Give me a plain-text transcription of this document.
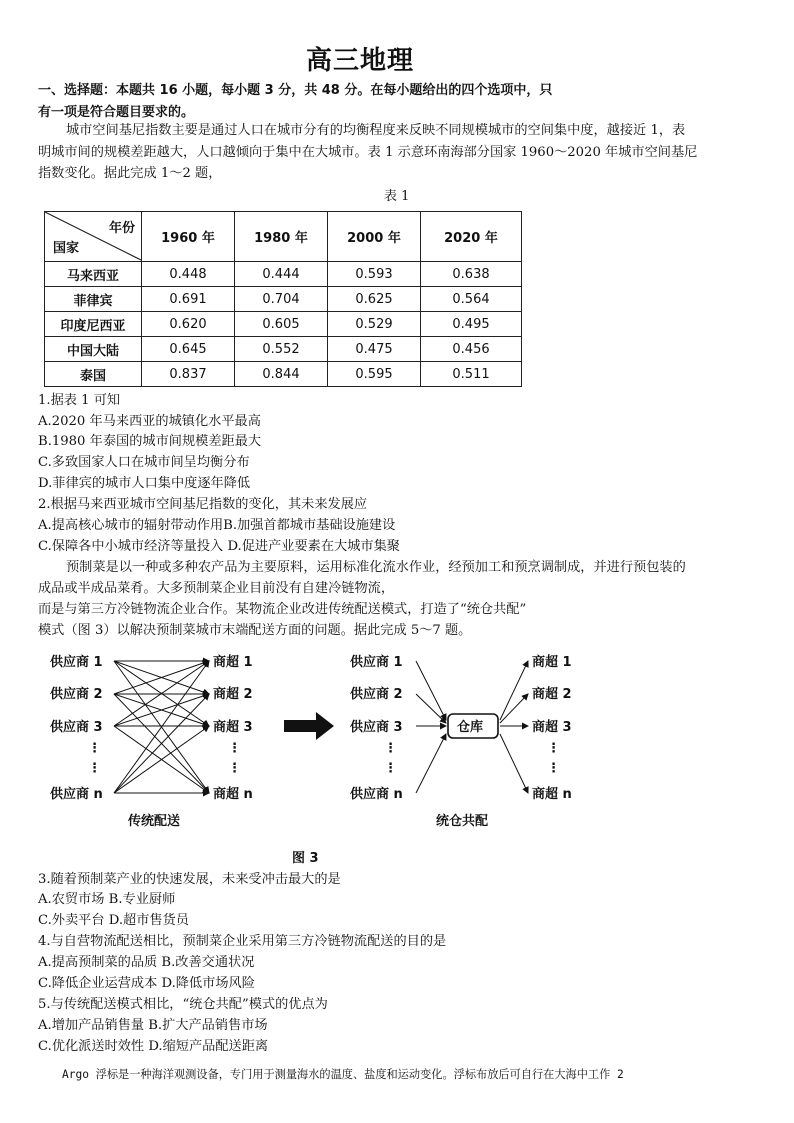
高三地理
一、选择题：本题共 16 小题，每小题 3 分，共 48 分。在每小题给出的四个选项中，只
有一项是符合题目要求的。
城市空间基尼指数主要是通过人口在城市分有的均衡程度来反映不同规模城市的空间集中度，越接近 1，表
明城市间的规模差距越大，人口越倾向于集中在大城市。表 1 示意环南海部分国家 1960～2020 年城市空间基尼
指数变化。据此完成 1～2 题，
表 1
年份
国家	1960 年	1980 年	2000 年	2020 年
马来西亚	0.448	0.444	0.593	0.638
菲律宾	0.691	0.704	0.625	0.564
印度尼西亚	0.620	0.605	0.529	0.495
中国大陆	0.645	0.552	0.475	0.456
泰国	0.837	0.844	0.595	0.511
1.据表 1 可知
A.2020 年马来西亚的城镇化水平最高
B.1980 年泰国的城市间规模差距最大
C.多致国家人口在城市间呈均衡分布
D.菲律宾的城市人口集中度逐年降低
2.根据马来西亚城市空间基尼指数的变化，其未来发展应
A.提高核心城市的辐射带动作用B.加强首都城市基础设施建设
C.保障各中小城市经济等量投入 D.促进产业要素在大城市集聚
预制菜是以一种或多种农产品为主要原料，运用标准化流水作业，经预加工和预烹调制成，并进行预包装的
成品或半成品菜肴。大多预制菜企业目前没有自建冷链物流，
而是与第三方冷链物流企业合作。某物流企业改进传统配送模式，打造了“统仓共配”
模式（图 3）以解决预制菜城市末端配送方面的问题。据此完成 5～7 题。
供应商 1
供应商 2
供应商 3
供应商 n
⋮
⋮
商超 1
商超 2
商超 3
商超 n
⋮
⋮
传统配送
供应商 1
供应商 2
供应商 3
供应商 n
⋮
⋮
仓库
商超 1
商超 2
商超 3
商超 n
⋮
⋮
统仓共配
图 3
3.随着预制菜产业的快速发展，未来受冲击最大的是
A.农贸市场 B.专业厨师
C.外卖平台 D.超市售货员
4.与自营物流配送相比，预制菜企业采用第三方冷链物流配送的目的是
A.提高预制菜的品质 B.改善交通状况
C.降低企业运营成本 D.降低市场风险
5.与传统配送模式相比，“统仓共配”模式的优点为
A.增加产品销售量 B.扩大产品销售市场
C.优化派送时效性 D.缩短产品配送距离
Argo 浮标是一种海洋观测设备，专门用于测量海水的温度、盐度和运动变化。浮标布放后可自行在大海中工作 2
